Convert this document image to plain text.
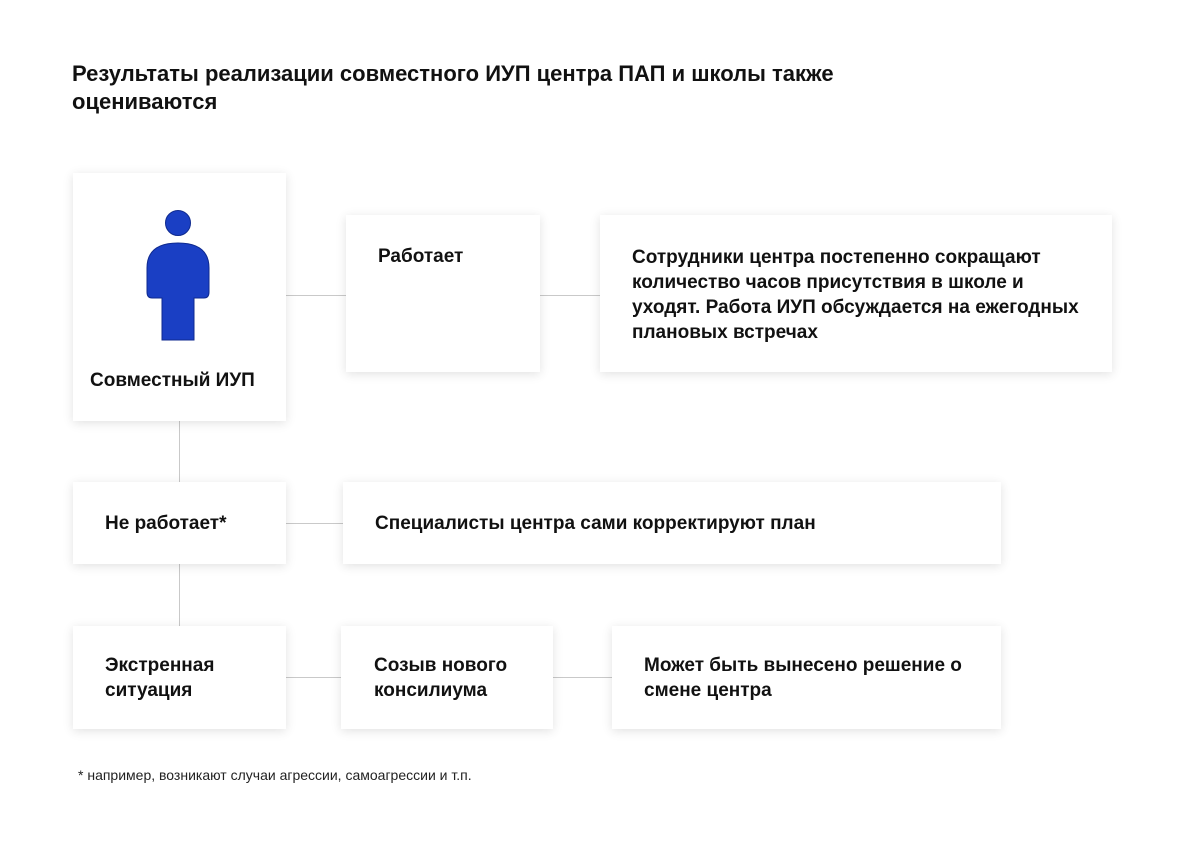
Результаты реализации совместного ИУП центра ПАП и школы также оцениваются
Совместный ИУП
Работает	Сотрудники центра постепенно сокращают количество часов присутствия в школе и уходят. Работа ИУП обсуждается на ежегодных плановых встречах
Не работает*	Специалисты центра сами корректируют план
Экстренная ситуация
Созыв нового консилиума
Может быть вынесено решение о смене центра
* например, возникают случаи агрессии, самоагрессии и т.п.
